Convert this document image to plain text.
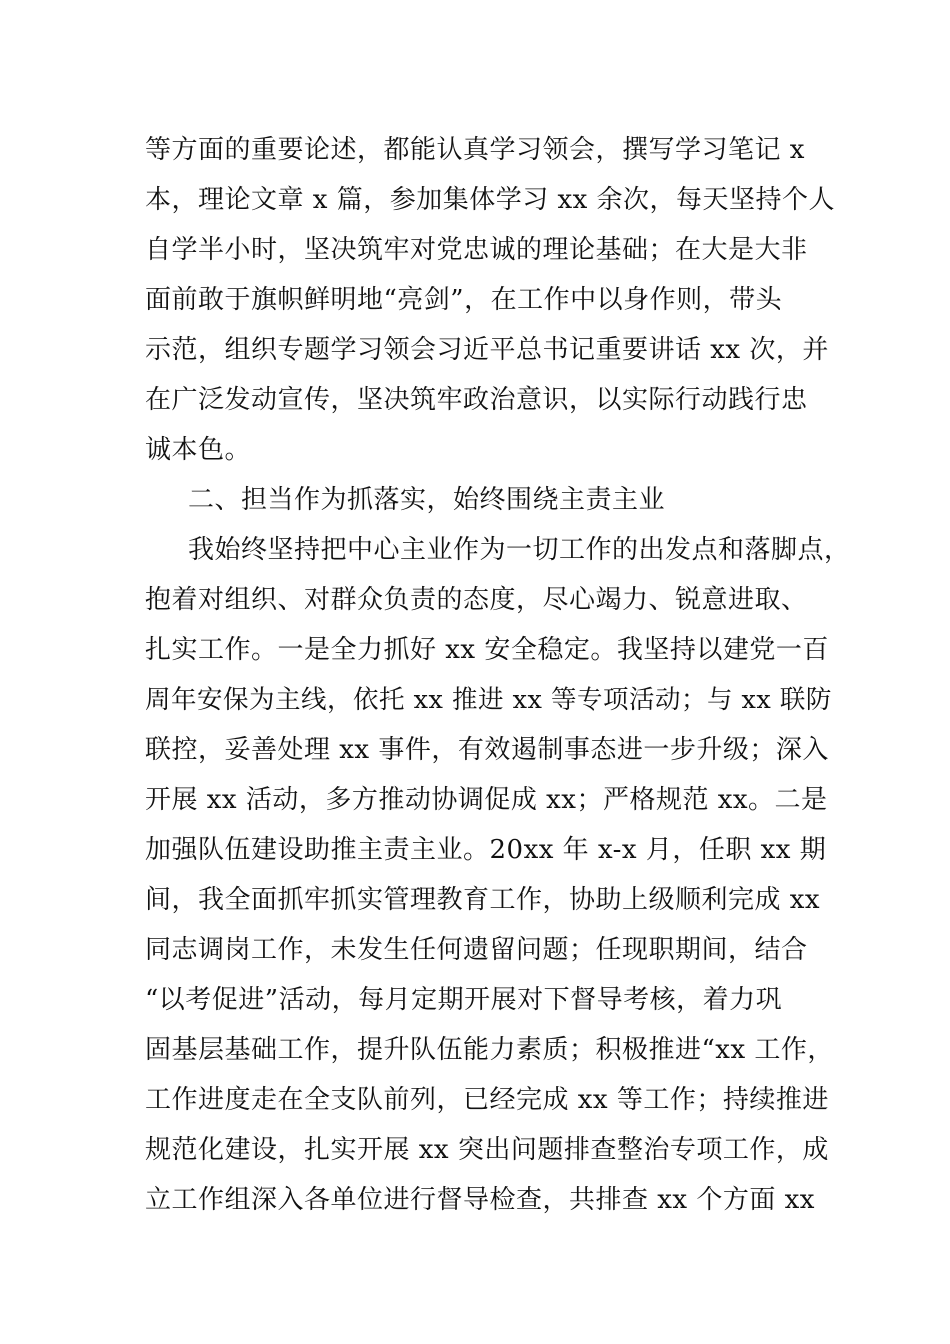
等方面的重要论述，都能认真学习领会，撰写学习笔记 x
本，理论文章 x 篇，参加集体学习 xx 余次，每天坚持个人
自学半小时，坚决筑牢对党忠诚的理论基础；在大是大非
面前敢于旗帜鲜明地“亮剑”，在工作中以身作则，带头
示范，组织专题学习领会习近平总书记重要讲话 xx 次，并
在广泛发动宣传，坚决筑牢政治意识，以实际行动践行忠
诚本色。
二、担当作为抓落实，始终围绕主责主业
我始终坚持把中心主业作为一切工作的出发点和落脚点，
抱着对组织、对群众负责的态度，尽心竭力、锐意进取、
扎实工作。一是全力抓好 xx 安全稳定。我坚持以建党一百
周年安保为主线，依托 xx 推进 xx 等专项活动；与 xx 联防
联控，妥善处理 xx 事件，有效遏制事态进一步升级；深入
开展 xx 活动，多方推动协调促成 xx；严格规范 xx。二是
加强队伍建设助推主责主业。20xx 年 x-x 月，任职 xx 期
间，我全面抓牢抓实管理教育工作，协助上级顺利完成 xx
同志调岗工作，未发生任何遗留问题；任现职期间，结合
“以考促进”活动，每月定期开展对下督导考核，着力巩
固基层基础工作，提升队伍能力素质；积极推进“xx 工作，
工作进度走在全支队前列，已经完成 xx 等工作；持续推进
规范化建设，扎实开展 xx 突出问题排查整治专项工作，成
立工作组深入各单位进行督导检查，共排查 xx 个方面 xx
